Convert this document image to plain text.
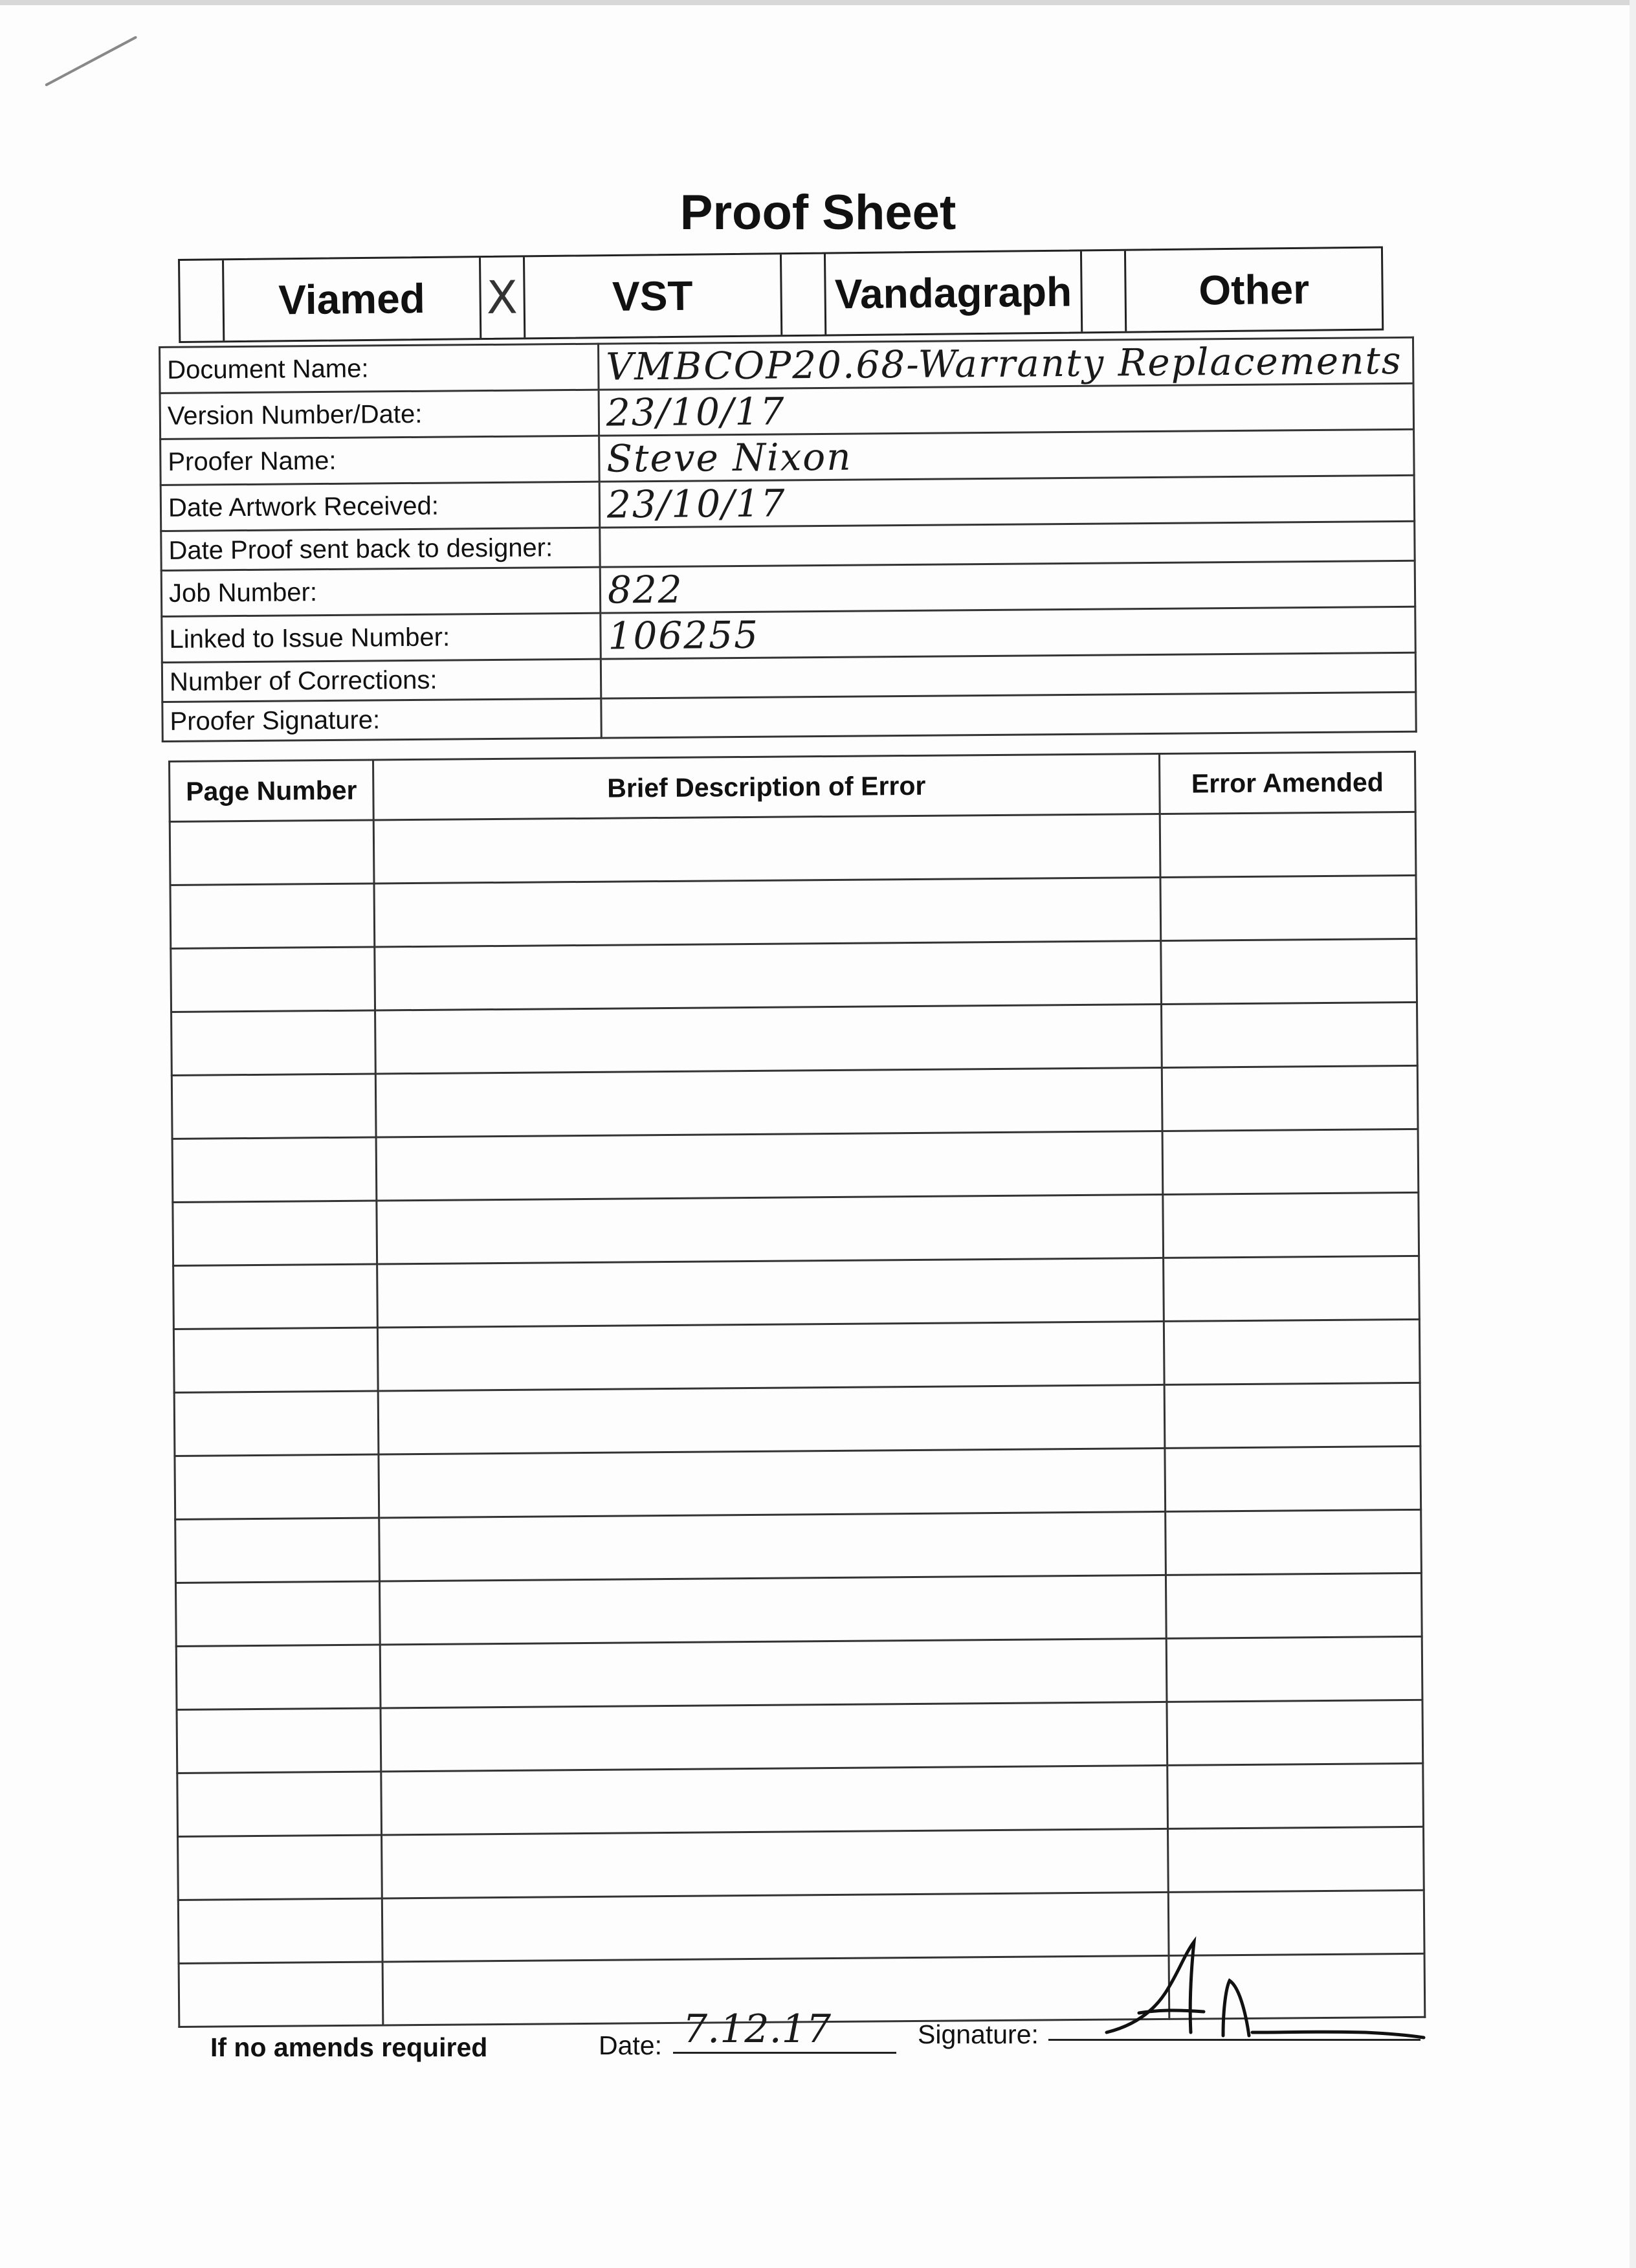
Proof Sheet
Viamed	X	VST	Vandagraph	Other
Document Name:	VMBCOP20.68-Warranty Replacements
Version Number/Date:	23/10/17
Proofer Name:	Steve Nixon
Date Artwork Received:	23/10/17
Date Proof sent back to designer:	
Job Number:	822
Linked to Issue Number:	106255
Number of Corrections:	
Proofer Signature:	
Page Number	Brief Description of Error	Error Amended

If no amends required	Date: 7.12.17	Signature:
